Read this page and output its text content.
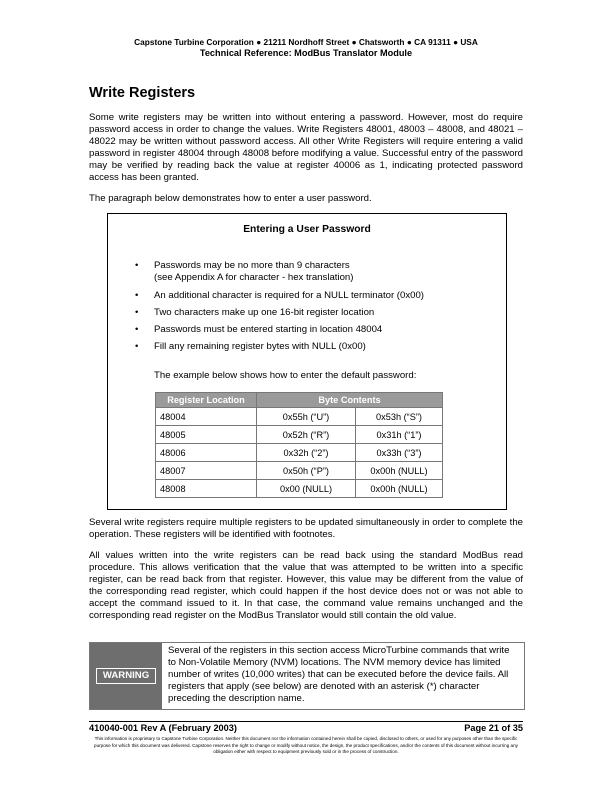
Capstone Turbine Corporation ● 21211 Nordhoff Street ● Chatsworth ● CA 91311 ● USA
Technical Reference: ModBus Translator Module
Write Registers
Some write registers may be written into without entering a password. However, most do require password access in order to change the values. Write Registers 48001, 48003 – 48008, and 48021 – 48022 may be written without password access. All other Write Registers will require entering a valid password in register 48004 through 48008 before modifying a value. Successful entry of the password may be verified by reading back the value at register 40006 as 1, indicating protected password access has been granted.
The paragraph below demonstrates how to enter a user password.
Entering a User Password
• Passwords may be no more than 9 characters
(see Appendix A for character - hex translation)
• An additional character is required for a NULL terminator (0x00)
• Two characters make up one 16-bit register location
• Passwords must be entered starting in location 48004
• Fill any remaining register bytes with NULL (0x00)
The example below shows how to enter the default password:
Register Location	Byte Contents	
48004	0x55h (“U”)	0x53h (“S”)
48005	0x52h (“R”)	0x31h (“1”)
48006	0x32h (“2”)	0x33h (“3”)
48007	0x50h (“P”)	0x00h (NULL)
48008	0x00 (NULL)	0x00h (NULL)
Several write registers require multiple registers to be updated simultaneously in order to complete the operation. These registers will be identified with footnotes.
All values written into the write registers can be read back using the standard ModBus read procedure. This allows verification that the value that was attempted to be written into a specific register, can be read back from that register. However, this value may be different from the value of the corresponding read register, which could happen if the host device does not or was not able to accept the command issued to it. In that case, the command value remains unchanged and the corresponding read register on the ModBus Translator would still contain the old value.
WARNING
Several of the registers in this section access MicroTurbine commands that write to Non-Volatile Memory (NVM) locations. The NVM memory device has limited number of writes (10,000 writes) that can be executed before the device fails. All registers that apply (see below) are denoted with an asterisk (*) character preceding the description name.
410040-001 Rev A (February 2003)	Page 21 of 35
This information is proprietary to Capstone Turbine Corporation. Neither this document nor the information contained herein shall be copied, disclosed to others, or used for any purposes other than the specific purpose for which this document was delivered. Capstone reserves the right to change or modify without notice, the design, the product specifications, and/or the contents of this document without incurring any obligation either with respect to equipment previously sold or in the process of construction.
